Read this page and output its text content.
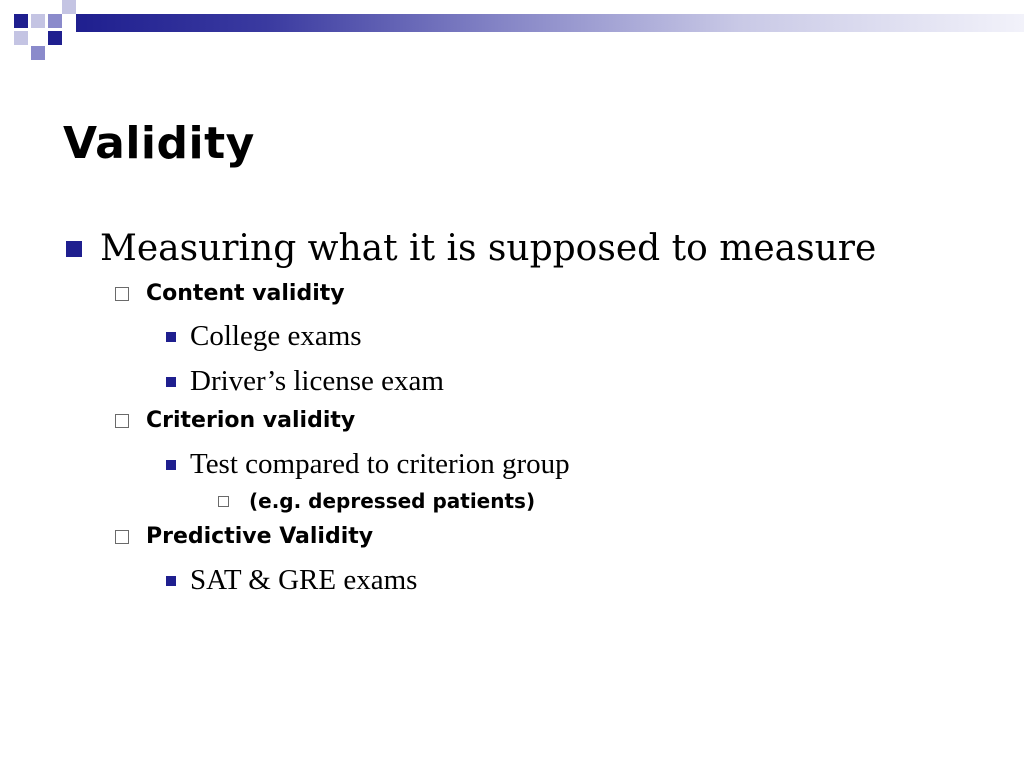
Validity
Measuring what it is supposed to measure
Content validity
College exams
Driver’s license exam
Criterion validity
Test compared to criterion group
(e.g. depressed patients)
Predictive Validity
SAT & GRE exams
